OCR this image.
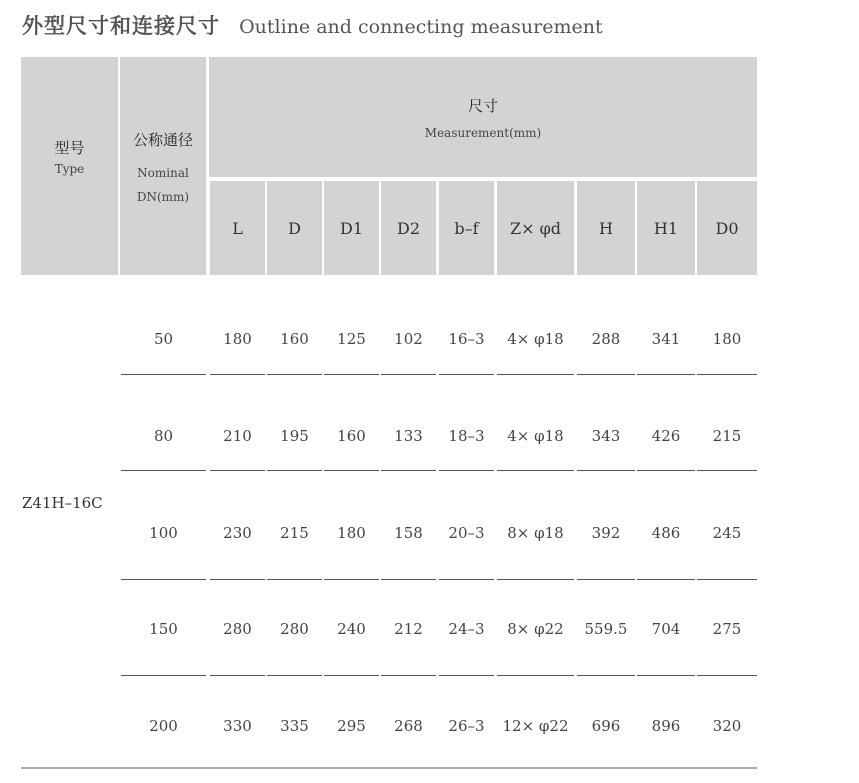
外型尺寸和连接尺寸 Outline and connecting measurement
型号
Type
公称通径
Nominal
DN(mm)
尺寸
Measurement(mm)
L	D	D1	D2	b–f	Z× φd	H	H1	D0
Z41H–16C
50	180	160	125	102	16–3	4× φ18	288	341	180
80	210	195	160	133	18–3	4× φ18	343	426	215
100	230	215	180	158	20–3	8× φ18	392	486	245
150	280	280	240	212	24–3	8× φ22	559.5	704	275
200	330	335	295	268	26–3	12× φ22	696	896	320
